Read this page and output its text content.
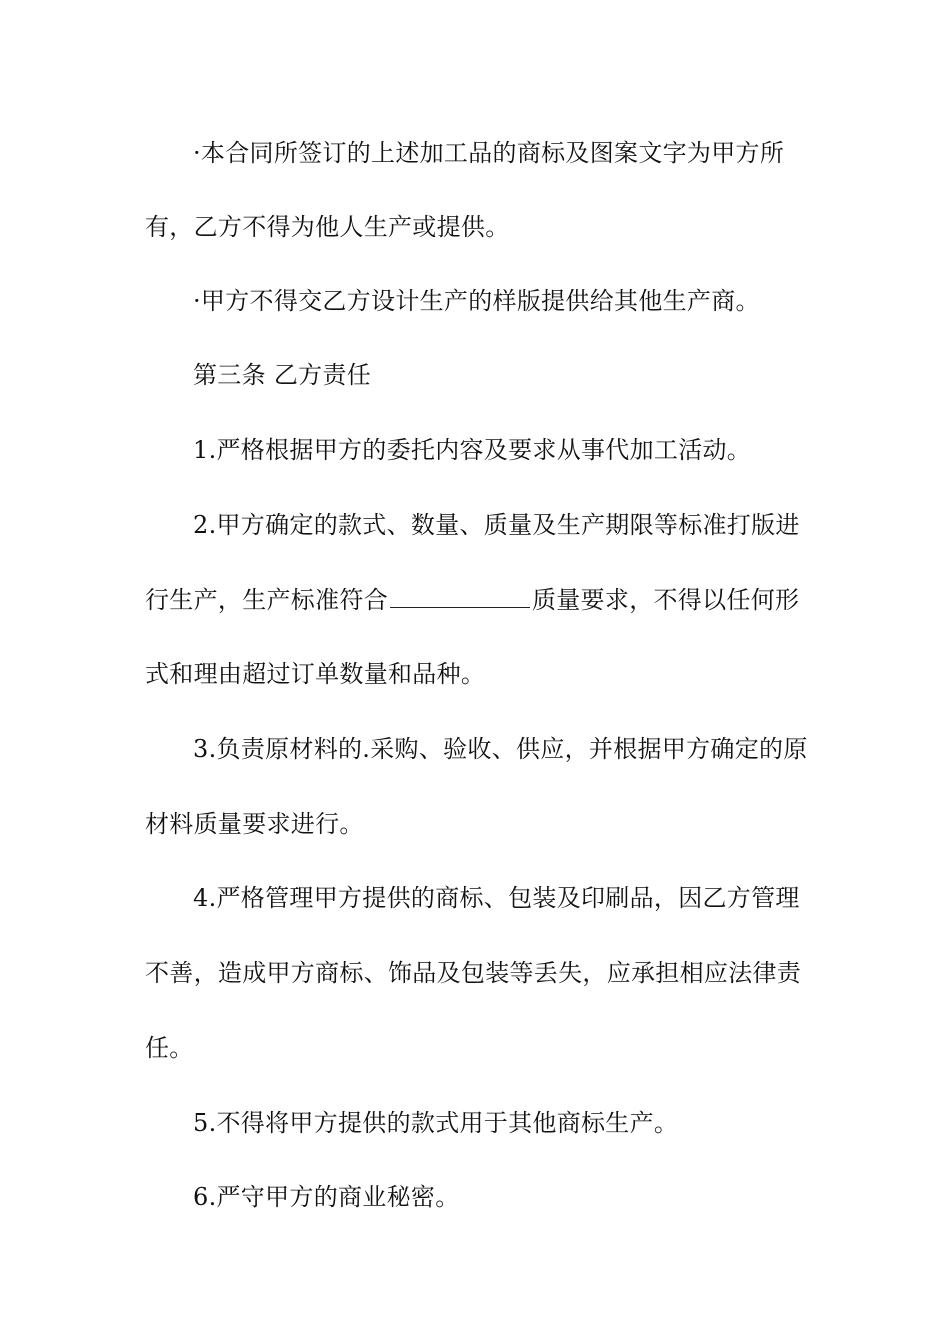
·本合同所签订的上述加工品的商标及图案文字为甲方所
有，乙方不得为他人生产或提供。
·甲方不得交乙方设计生产的样版提供给其他生产商。
第三条 乙方责任
1.严格根据甲方的委托内容及要求从事代加工活动。
2.甲方确定的款式、数量、质量及生产期限等标准打版进
行生产，生产标准符合	质量要求，不得以任何形
式和理由超过订单数量和品种。
3.负责原材料的.采购、验收、供应，并根据甲方确定的原
材料质量要求进行。
4.严格管理甲方提供的商标、包装及印刷品，因乙方管理
不善，造成甲方商标、饰品及包装等丢失，应承担相应法律责
任。
5.不得将甲方提供的款式用于其他商标生产。
6.严守甲方的商业秘密。
